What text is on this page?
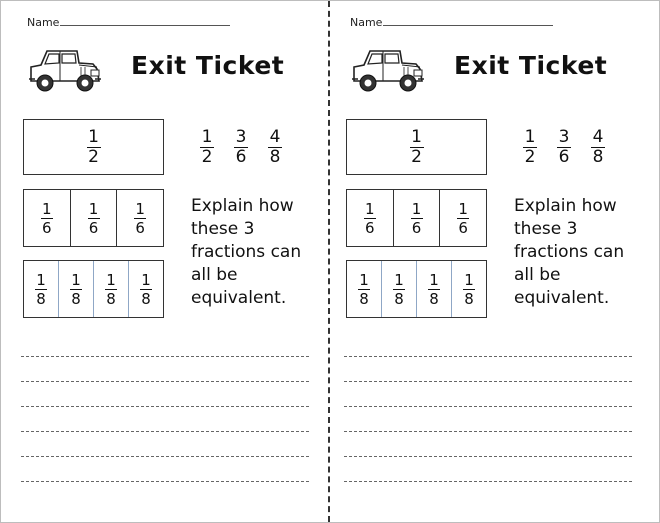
Name
Exit Ticket
$\frac{1}{2}$
$\frac{1}{6} \frac{1}{6} \frac{1}{6}$
$\frac{1}{8} \frac{1}{8} \frac{1}{8} \frac{1}{8}$
$\frac{1}{2} \frac{3}{6} \frac{4}{8}$
Explain how these 3 fractions can all be equivalent.
Name
Exit Ticket
$\frac{1}{2}$
$\frac{1}{6} \frac{1}{6} \frac{1}{6}$
$\frac{1}{8} \frac{1}{8} \frac{1}{8} \frac{1}{8}$
$\frac{1}{2} \frac{3}{6} \frac{4}{8}$
Explain how these 3 fractions can all be equivalent.
